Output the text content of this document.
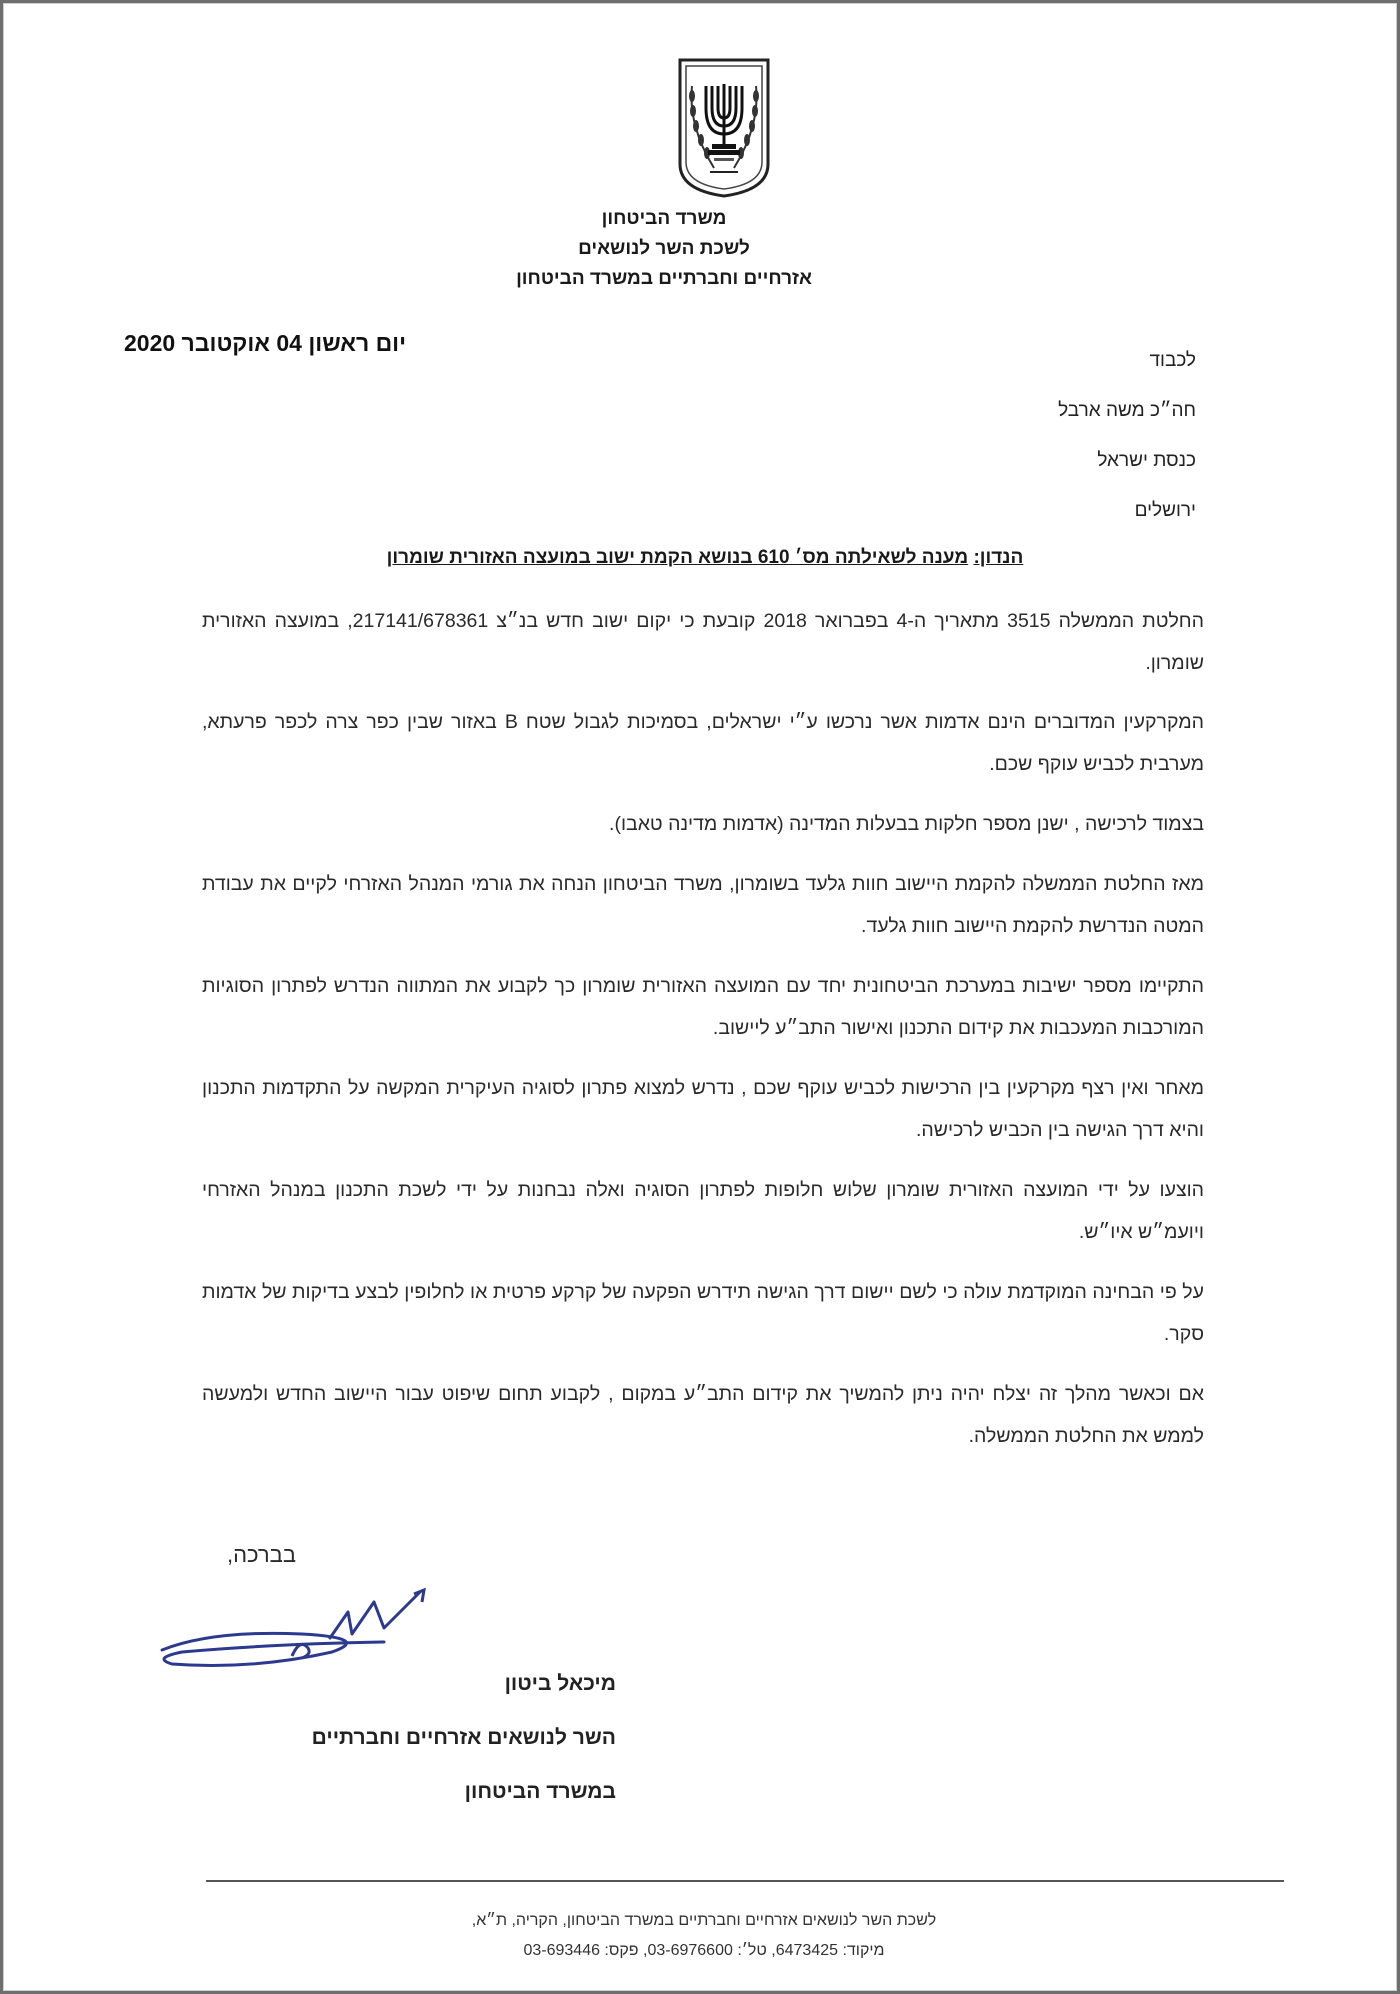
משרד הביטחון
לשכת השר לנושאים
אזרחיים וחברתיים במשרד הביטחון
יום ראשון 04 אוקטובר 2020
לכבוד
חה״כ משה ארבל
כנסת ישראל
ירושלים
הנדון: מענה לשאילתה מס׳ 610 בנושא הקמת ישוב במועצה האזורית שומרון
החלטת הממשלה 3515 מתאריך ה-4 בפברואר 2018 קובעת כי יקום ישוב חדש בנ״צ 217141/678361, במועצה האזורית שומרון.
המקרקעין המדוברים הינם אדמות אשר נרכשו ע״י ישראלים, בסמיכות לגבול שטח B באזור שבין כפר צרה לכפר פרעתא, מערבית לכביש עוקף שכם.
בצמוד לרכישה , ישנן מספר חלקות בבעלות המדינה (אדמות מדינה טאבו).
מאז החלטת הממשלה להקמת היישוב חוות גלעד בשומרון, משרד הביטחון הנחה את גורמי המנהל האזרחי לקיים את עבודת המטה הנדרשת להקמת היישוב חוות גלעד.
התקיימו מספר ישיבות במערכת הביטחונית יחד עם המועצה האזורית שומרון כך לקבוע את המתווה הנדרש לפתרון הסוגיות המורכבות המעכבות את קידום התכנון ואישור התב״ע ליישוב.
מאחר ואין רצף מקרקעין בין הרכישות לכביש עוקף שכם , נדרש למצוא פתרון לסוגיה העיקרית המקשה על התקדמות התכנון והיא דרך הגישה בין הכביש לרכישה.
הוצעו על ידי המועצה האזורית שומרון שלוש חלופות לפתרון הסוגיה ואלה נבחנות על ידי לשכת התכנון במנהל האזרחי ויועמ״ש איו״ש.
על פי הבחינה המוקדמת עולה כי לשם יישום דרך הגישה תידרש הפקעה של קרקע פרטית או לחלופין לבצע בדיקות של אדמות סקר.
אם וכאשר מהלך זה יצלח יהיה ניתן להמשיך את קידום התב״ע במקום , לקבוע תחום שיפוט עבור היישוב החדש ולמעשה לממש את החלטת הממשלה.
בברכה,
מיכאל ביטון
השר לנושאים אזרחיים וחברתיים
במשרד הביטחון
לשכת השר לנושאים אזרחיים וחברתיים במשרד הביטחון, הקריה, ת״א,
מיקוד: 6473425, טל׳: 03-6976600, פקס: 03-693446
